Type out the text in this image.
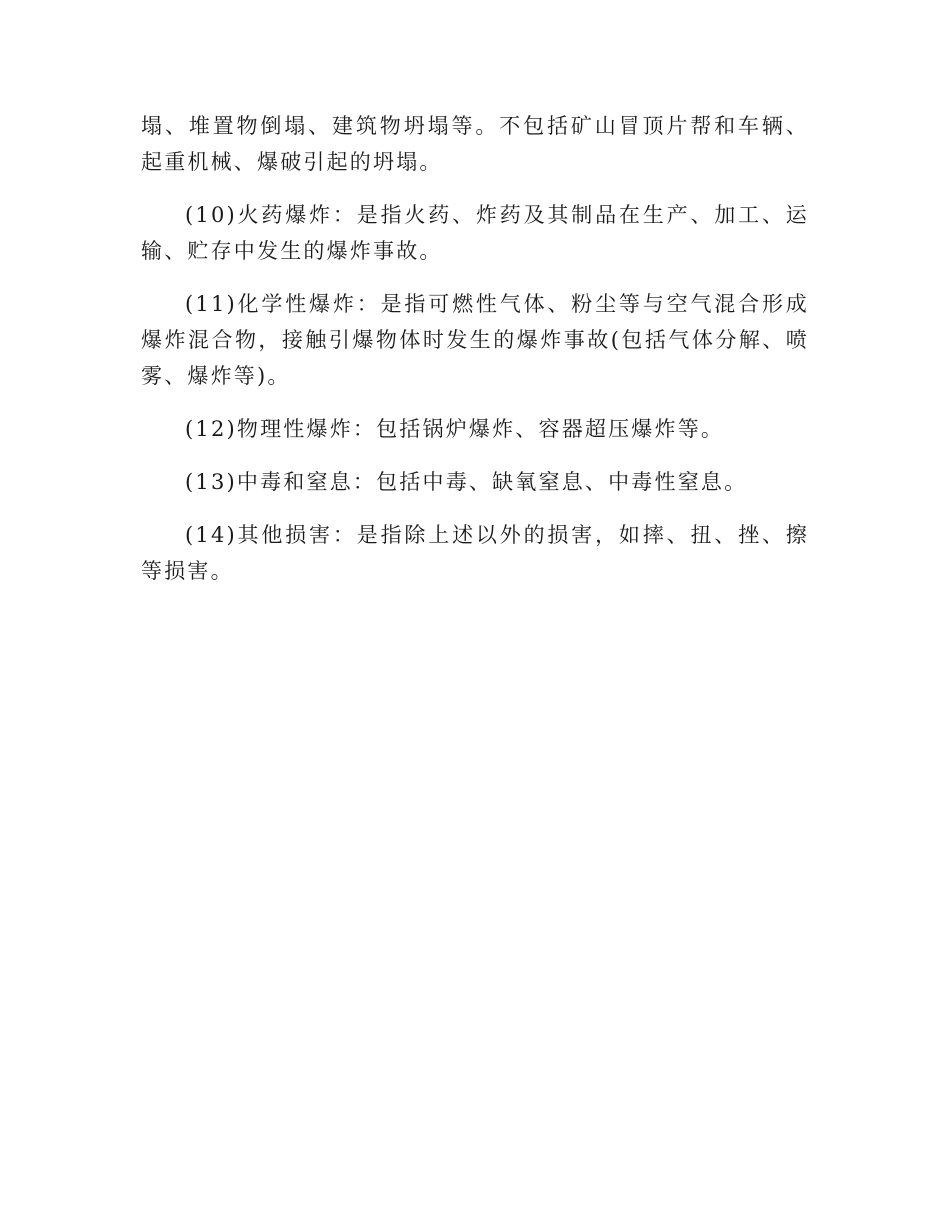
塌、堆置物倒塌、建筑物坍塌等。不包括矿山冒顶片帮和车辆、起重机械、爆破引起的坍塌。

(10)火药爆炸：是指火药、炸药及其制品在生产、加工、运输、贮存中发生的爆炸事故。

(11)化学性爆炸：是指可燃性气体、粉尘等与空气混合形成爆炸混合物，接触引爆物体时发生的爆炸事故(包括气体分解、喷雾、爆炸等)。

(12)物理性爆炸：包括锅炉爆炸、容器超压爆炸等。

(13)中毒和窒息：包括中毒、缺氧窒息、中毒性窒息。

(14)其他损害：是指除上述以外的损害，如摔、扭、挫、擦等损害。
